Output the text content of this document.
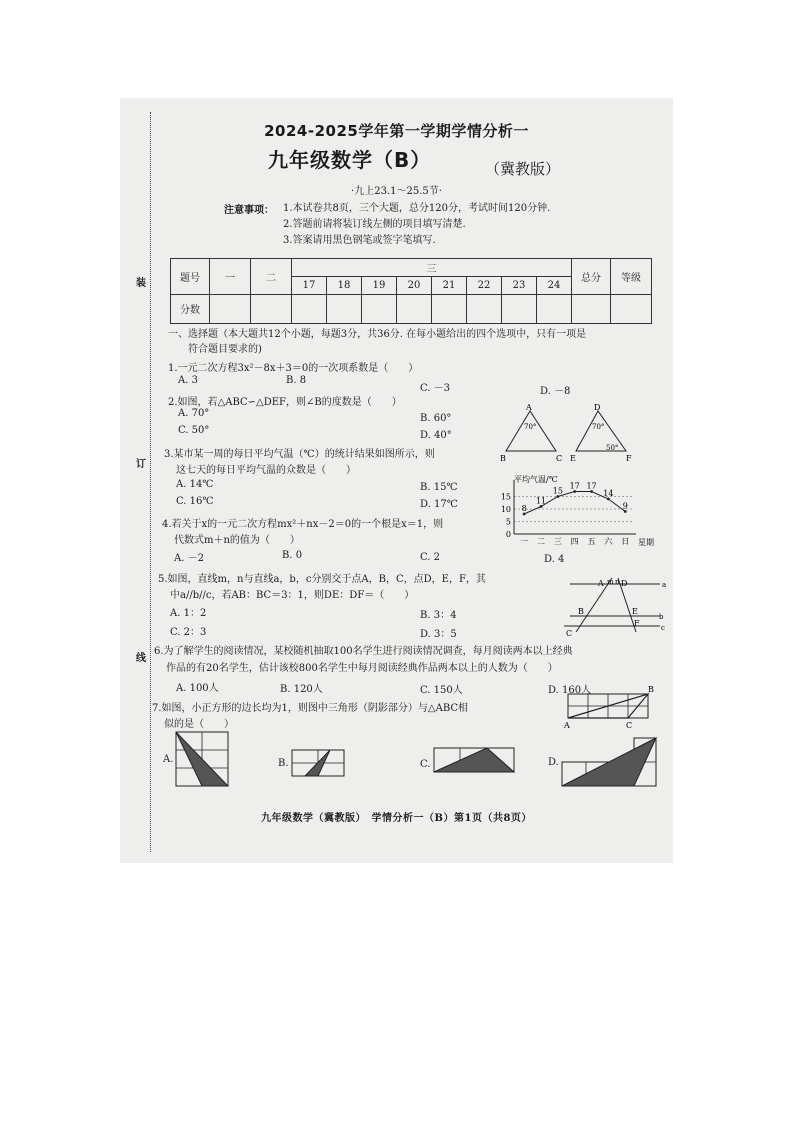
装
订
线
2024-2025学年第一学期学情分析一
九年级数学（B）	（冀教版）
·九上23.1～25.5节·
注意事项： 1.本试卷共8页，三个大题，总分120分，考试时间120分钟.
2.答题前请将装订线左侧的项目填写清楚.
3.答案请用黑色钢笔或签字笔填写.
题号	一	二	三								总分	等级
			17	18	19	20	21	22	23	24		
分数												
一、选择题（本大题共12个小题，每题3分，共36分. 在每小题给出的四个选项中，只有一项是
符合题目要求的)
1.一元二次方程3x²－8x＋3＝0的一次项系数是（　　）
A. 3	B. 8
C. －3	D. －8
2.如图，若△ABC∽△DEF，则∠B的度数是（　　）
A. 70°	B. 60°
C. 50°	D. 40°
3.某市某一周的每日平均气温（℃）的统计结果如图所示，则
这七天的每日平均气温的众数是（　　）
A. 14℃	B. 15℃
C. 16℃	D. 17℃
4.若关于x的一元二次方程mx²＋nx－2＝0的一个根是x＝1，则
代数式m＋n的值为（　　）
A. －2	B. 0	C. 2	D. 4
5.如图，直线m，n与直线a，b，c分别交于点A，B，C，点D，E，F，其
中a//b//c，若AB：BC＝3：1，则DE：DF＝（　　）
A. 1：2	B. 3：4
C. 2：3	D. 3：5
6.为了解学生的阅读情况，某校随机抽取100名学生进行阅读情况调查，每月阅读两本以上经典
作品的有20名学生，估计该校800名学生中每月阅读经典作品两本以上的人数为（　　）
A. 100人	B. 120人	C. 150人	D. 160人
7.如图，小正方形的边长均为1，则图中三角形（阴影部分）与△ABC相
似的是（　　）
A.	B.	C.	D.
A
B	C
70°
D
E	F
70°
50°
0
5
10
15
一 二 三 四 五 六 日
8
11
15
17 17
14
9
平均气温/℃
星期
m n	a
b
c
A
B
C
D
E
F
A
B
C
九年级数学（冀教版）　学情分析一（B）第1页（共8页）
